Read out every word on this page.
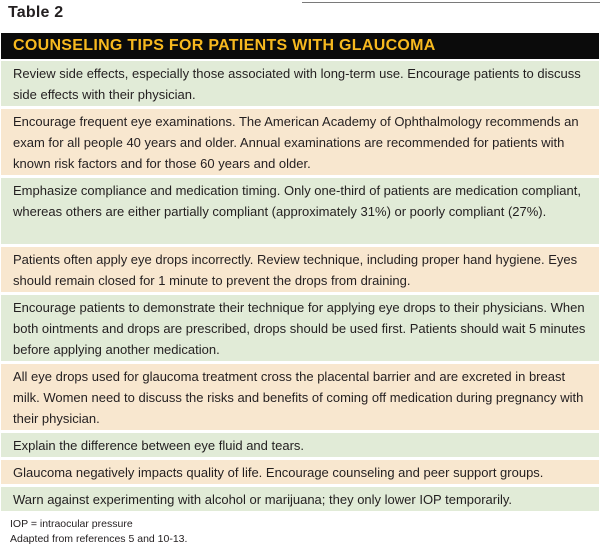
Table 2
COUNSELING TIPS FOR PATIENTS WITH GLAUCOMA
Review side effects, especially those associated with long-term use. Encourage patients to discuss side effects with their physician.
Encourage frequent eye examinations. The American Academy of Ophthalmology recommends an exam for all people 40 years and older. Annual examinations are recommended for patients with known risk factors and for those 60 years and older.
Emphasize compliance and medication timing. Only one-third of patients are medication compliant, whereas others are either partially compliant (approximately 31%) or poorly compliant (27%).
Patients often apply eye drops incorrectly. Review technique, including proper hand hygiene. Eyes should remain closed for 1 minute to prevent the drops from draining.
Encourage patients to demonstrate their technique for applying eye drops to their physicians. When both ointments and drops are prescribed, drops should be used first. Patients should wait 5 minutes before applying another medication.
All eye drops used for glaucoma treatment cross the placental barrier and are excreted in breast milk. Women need to discuss the risks and benefits of coming off medication during pregnancy with their physician.
Explain the difference between eye fluid and tears.
Glaucoma negatively impacts quality of life. Encourage counseling and peer support groups.
Warn against experimenting with alcohol or marijuana; they only lower IOP temporarily.
IOP = intraocular pressure
Adapted from references 5 and 10-13.
